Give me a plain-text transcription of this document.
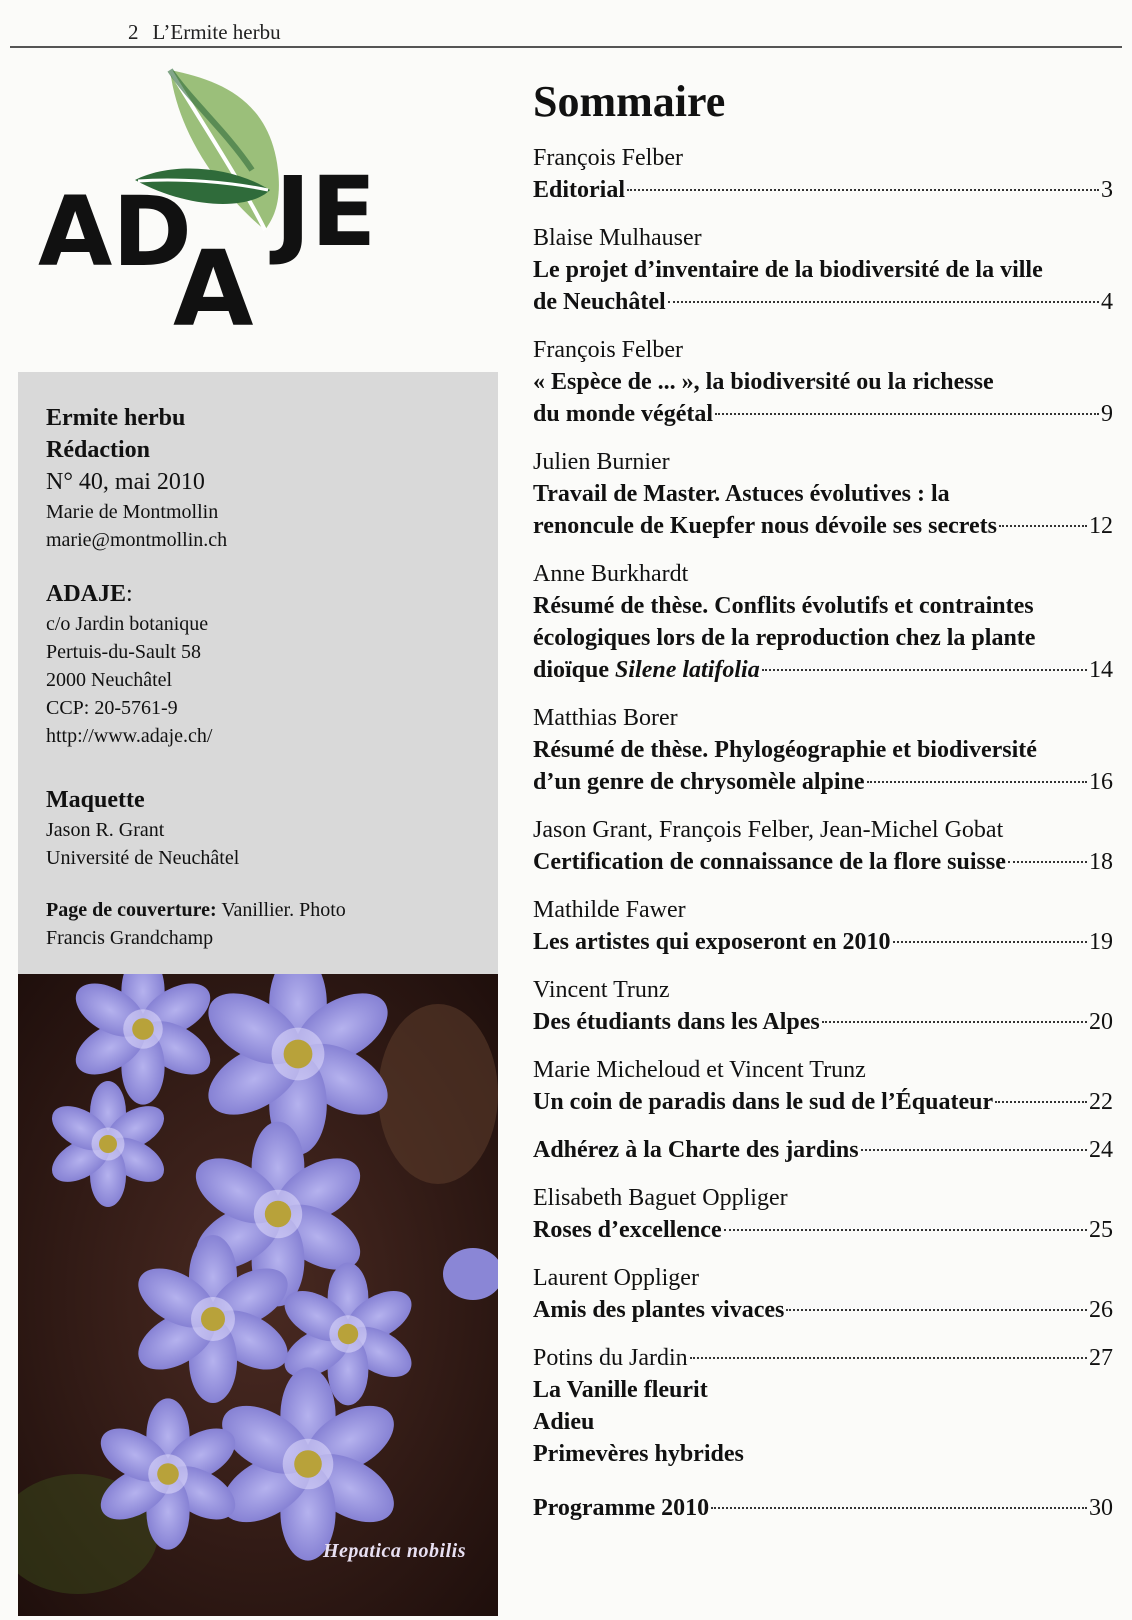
2 L’Ermite herbu
AD
A
JE
Ermite herbu
Rédaction
N° 40, mai 2010
Marie de Montmollin
marie@montmollin.ch
ADAJE:
c/o Jardin botanique
Pertuis-du-Sault 58
2000 Neuchâtel
CCP: 20-5761-9
http://www.adaje.ch/
Maquette
Jason R. Grant
Université de Neuchâtel
Page de couverture: Vanillier. Photo
Francis Grandchamp
Hepatica nobilis
Sommaire
François Felber
Editorial	3
Blaise Mulhauser
Le projet d’inventaire de la biodiversité de la ville
de Neuchâtel	4
François Felber
« Espèce de ... », la biodiversité ou la richesse
du monde végétal	9
Julien Burnier
Travail de Master. Astuces évolutives : la
renoncule de Kuepfer nous dévoile ses secrets	12
Anne Burkhardt
Résumé de thèse. Conflits évolutifs et contraintes
écologiques lors de la reproduction chez la plante
dioïque Silene latifolia	14
Matthias Borer
Résumé de thèse. Phylogéographie et biodiversité
d’un genre de chrysomèle alpine	16
Jason Grant, François Felber, Jean-Michel Gobat
Certification de connaissance de la flore suisse	18
Mathilde Fawer
Les artistes qui exposeront en 2010	19
Vincent Trunz
Des étudiants dans les Alpes	20
Marie Micheloud et Vincent Trunz
Un coin de paradis dans le sud de l’Équateur	22
Adhérez à la Charte des jardins	24
Elisabeth Baguet Oppliger
Roses d’excellence	25
Laurent Oppliger
Amis des plantes vivaces	26
Potins du Jardin	27
La Vanille fleurit
Adieu
Primevères hybrides
Programme 2010	30
